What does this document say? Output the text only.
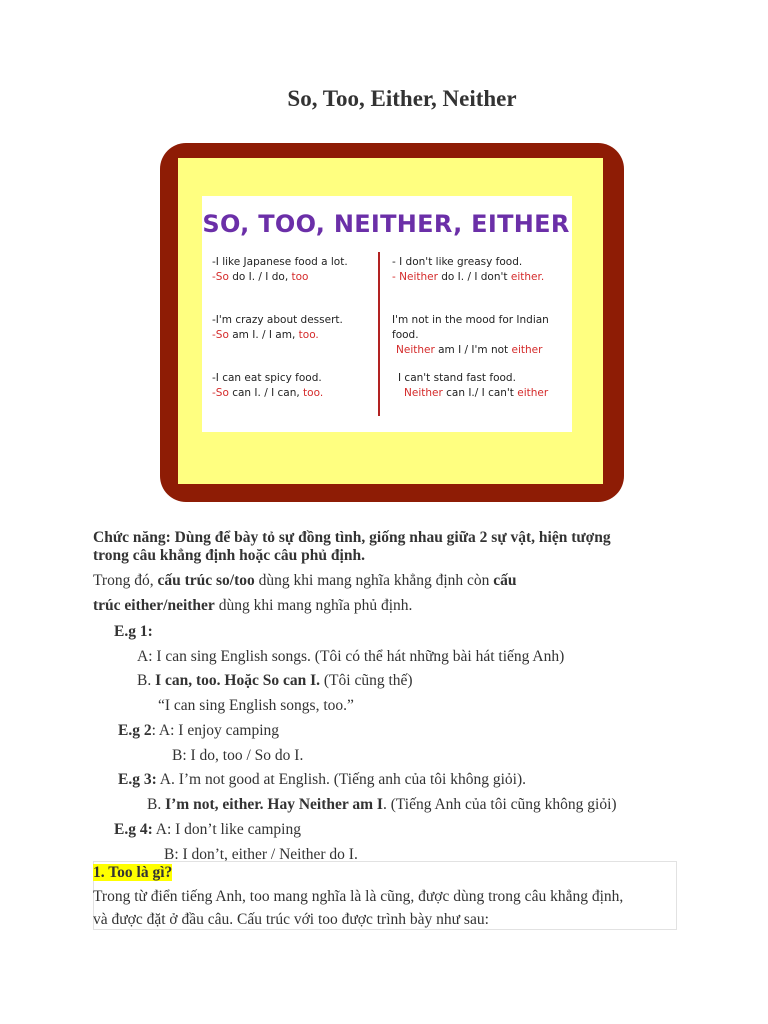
So, Too, Either, Neither
SO, TOO, NEITHER, EITHER
-I like Japanese food a lot.
-So do I. / I do, too
-I'm crazy about dessert.
-So am I. / I am, too.
-I can eat spicy food.
-So can I. / I can, too.
- I don't like greasy food.
- Neither do I. / I don't either.
I'm not in the mood for Indian food.
Neither am I / I'm not either
I can't stand fast food.
Neither can I./ I can't either
Chức năng: Dùng để bày tỏ sự đồng tình, giống nhau giữa 2 sự vật, hiện tượng
trong câu khẳng định hoặc câu phủ định.
Trong đó, cấu trúc so/too dùng khi mang nghĩa khẳng định còn cấu
trúc either/neither dùng khi mang nghĩa phủ định.
E.g 1:
A: I can sing English songs. (Tôi có thể hát những bài hát tiếng Anh)
B. I can, too. Hoặc So can I. (Tôi cũng thế)
“I can sing English songs, too.”
E.g 2: A: I enjoy camping
B: I do, too / So do I.
E.g 3: A. I’m not good at English. (Tiếng anh của tôi không giỏi).
B. I’m not, either. Hay Neither am I. (Tiếng Anh của tôi cũng không giỏi)
E.g 4: A: I don’t like camping
B: I don’t, either / Neither do I.
1. Too là gì?
Trong từ điển tiếng Anh, too mang nghĩa là là cũng, được dùng trong câu khẳng định,
và được đặt ở đầu câu. Cấu trúc với too được trình bày như sau:
